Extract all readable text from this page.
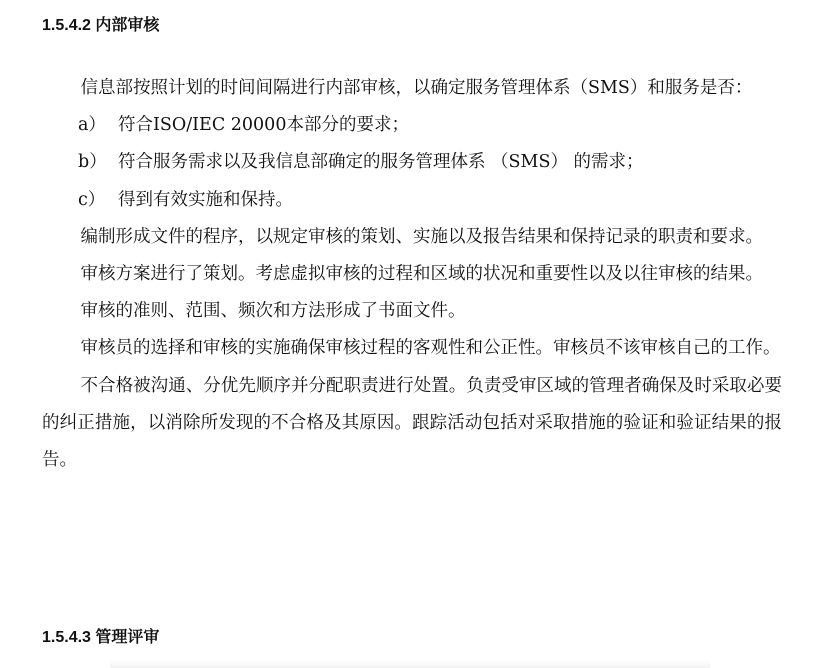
1.5.4.2 内部审核

信息部按照计划的时间间隔进行内部审核，以确定服务管理体系（SMS）和服务是否：

a） 符合ISO/IEC 20000本部分的要求；

b） 符合服务需求以及我信息部确定的服务管理体系 （SMS） 的需求；

c） 得到有效实施和保持。

编制形成文件的程序，以规定审核的策划、实施以及报告结果和保持记录的职责和要求。

审核方案进行了策划。考虑虚拟审核的过程和区域的状况和重要性以及以往审核的结果。

审核的准则、范围、频次和方法形成了书面文件。

审核员的选择和审核的实施确保审核过程的客观性和公正性。审核员不该审核自己的工作。

不合格被沟通、分优先顺序并分配职责进行处置。负责受审区域的管理者确保及时采取必要的纠正措施，以消除所发现的不合格及其原因。跟踪活动包括对采取措施的验证和验证结果的报告。

1.5.4.3 管理评审
